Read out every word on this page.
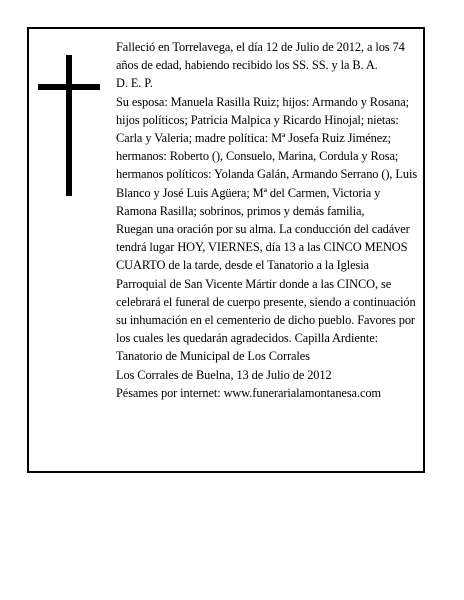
Falleció en Torrelavega, el día 12 de Julio de 2012, a los 74 años de edad, habiendo recibido los SS. SS. y la B. A.

D. E. P.

Su esposa: Manuela Rasilla Ruiz; hijos: Armando y Rosana; hijos políticos; Patricia Malpica y Ricardo Hinojal; nietas: Carla y Valeria; madre política: Mª Josefa Ruiz Jiménez; hermanos: Roberto (), Consuelo, Marina, Cordula y Rosa; hermanos políticos: Yolanda Galán, Armando Serrano (), Luis Blanco y José Luis Agüera; Mª del Carmen, Victoria y Ramona Rasilla; sobrinos, primos y demás familia,

Ruegan una oración por su alma. La conducción del cadáver tendrá lugar HOY, VIERNES, día 13 a las CINCO MENOS CUARTO de la tarde, desde el Tanatorio a la Iglesia Parroquial de San Vicente Mártir donde a las CINCO, se celebrará el funeral de cuerpo presente, siendo a continuación su inhumación en el cementerio de dicho pueblo. Favores por los cuales les quedarán agradecidos. Capilla Ardiente: Tanatorio de Municipal de Los Corrales

Los Corrales de Buelna, 13 de Julio de 2012

Pésames por internet: www.funerarialamontanesa.com
